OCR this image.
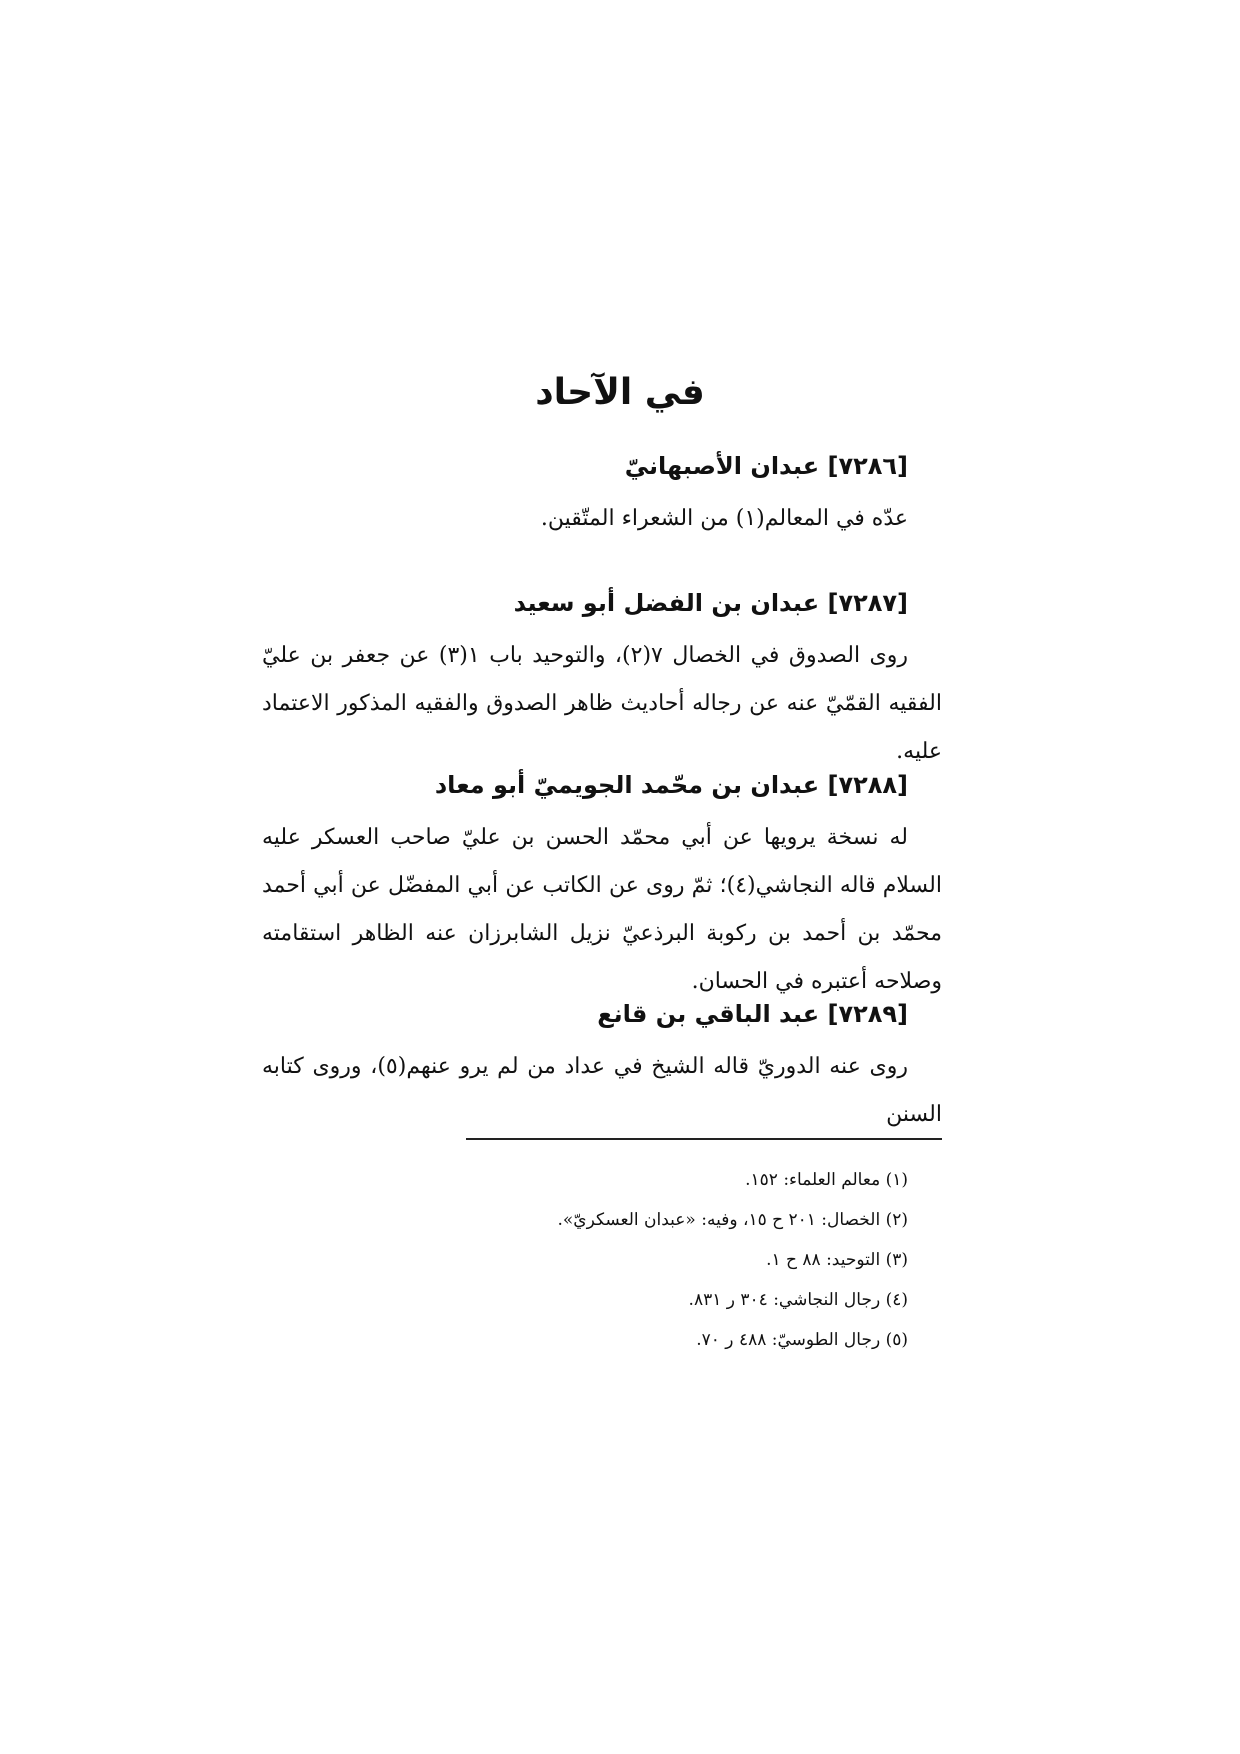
في الآحاد
[٧٢٨٦] عبدان الأصبهانيّ

عدّه في المعالم(١) من الشعراء المتّقين.

[٧٢٨٧] عبدان بن الفضل أبو سعيد

روى الصدوق في الخصال ٧(٢)، والتوحيد باب ١(٣) عن جعفر بن عليّ الفقيه القمّيّ عنه عن رجاله أحاديث ظاهر الصدوق والفقيه المذكور الاعتماد عليه.

[٧٢٨٨] عبدان بن محّمد الجويميّ أبو معاد

له نسخة يرويها عن أبي محمّد الحسن بن عليّ صاحب العسكر عليه السلام قاله النجاشي(٤)؛ ثمّ روى عن الكاتب عن أبي المفضّل عن أبي أحمد محمّد بن أحمد بن ركوبة البرذعيّ نزيل الشابرزان عنه الظاهر استقامته وصلاحه أعتبره في الحسان.

[٧٢٨٩] عبد الباقي بن قانع

روى عنه الدوريّ قاله الشيخ في عداد من لم يرو عنهم(٥)، وروى كتابه السنن

(١) معالم العلماء: ١٥٢.
(٢) الخصال: ٢٠١ ح ١٥، وفيه: «عبدان العسكريّ».
(٣) التوحيد: ٨٨ ح ١.
(٤) رجال النجاشي: ٣٠٤ ر ٨٣١.
(٥) رجال الطوسيّ: ٤٨٨ ر ٧٠.
